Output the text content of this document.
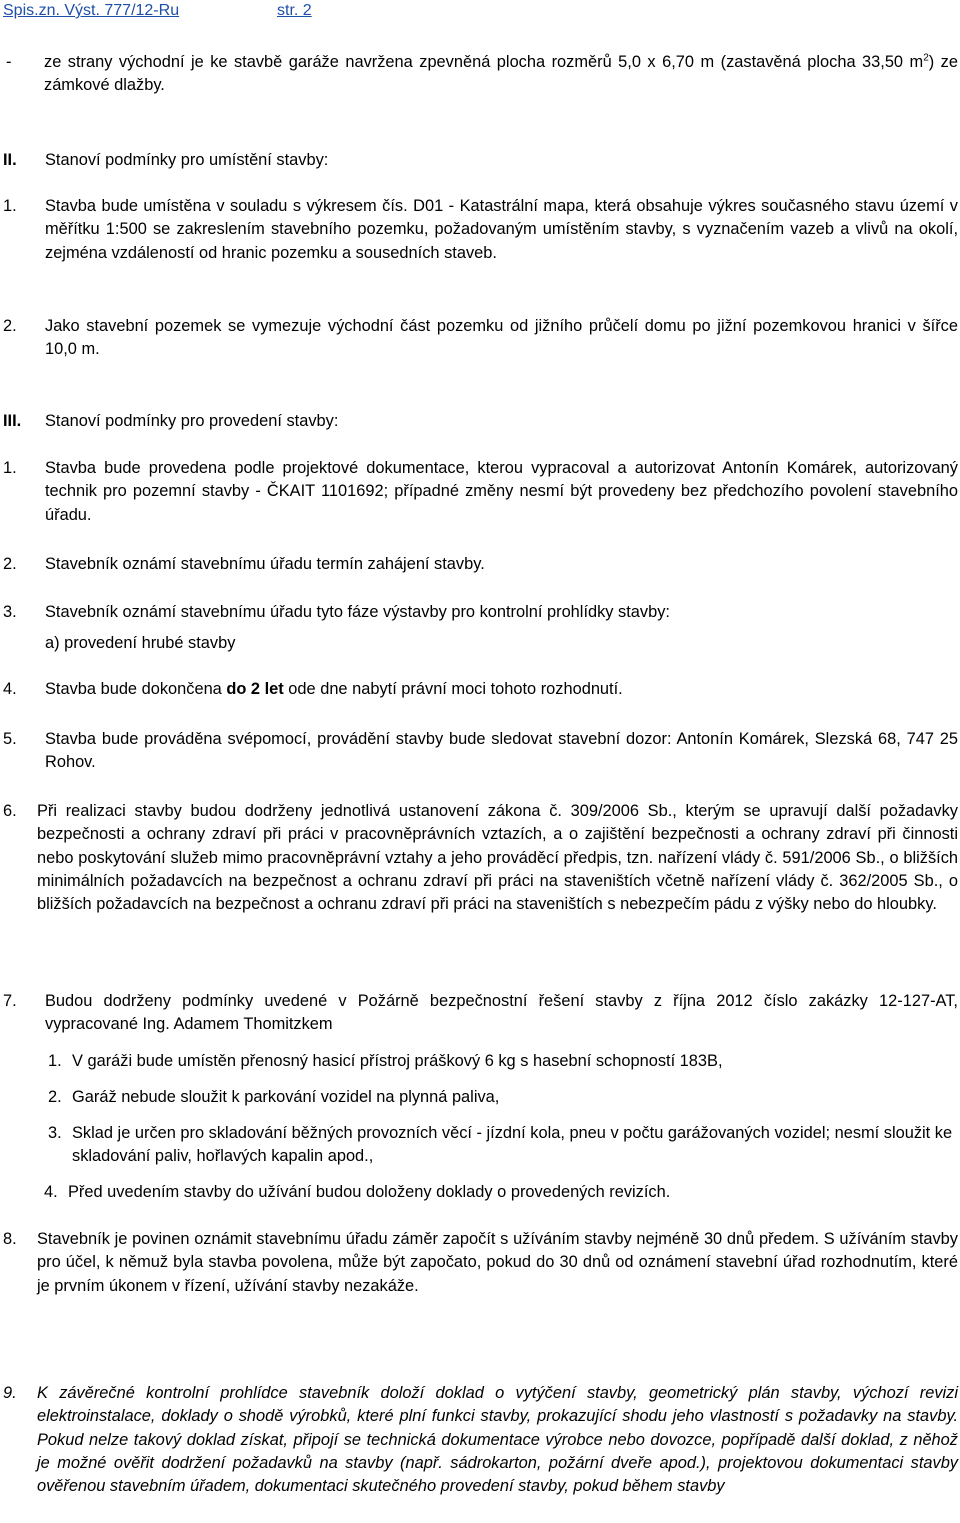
Spis.zn. Výst. 777/12-Ru	str. 2
- ze strany východní je ke stavbě garáže navržena zpevněná plocha rozměrů 5,0 x 6,70 m (zastavěná plocha 33,50 $m^2$) ze zámkové dlažby.
II. Stanoví podmínky pro umístění stavby:
1. Stavba bude umístěna v souladu s výkresem čís. D01 - Katastrální mapa, která obsahuje výkres současného stavu území v měřítku 1:500 se zakreslením stavebního pozemku, požadovaným umístěním stavby, s vyznačením vazeb a vlivů na okolí, zejména vzdáleností od hranic pozemku a sousedních staveb.
2. Jako stavební pozemek se vymezuje východní část pozemku od jižního průčelí domu po jižní pozemkovou hranici v šířce 10,0 m.
III. Stanoví podmínky pro provedení stavby:
1. Stavba bude provedena podle projektové dokumentace, kterou vypracoval a autorizovat Antonín Komárek, autorizovaný technik pro pozemní stavby - ČKAIT 1101692; případné změny nesmí být provedeny bez předchozího povolení stavebního úřadu.
2. Stavebník oznámí stavebnímu úřadu termín zahájení stavby.
3. Stavebník oznámí stavebnímu úřadu tyto fáze výstavby pro kontrolní prohlídky stavby:
a) provedení hrubé stavby
4. Stavba bude dokončena do 2 let ode dne nabytí právní moci tohoto rozhodnutí.
5. Stavba bude prováděna svépomocí, provádění stavby bude sledovat stavební dozor: Antonín Komárek, Slezská 68, 747 25 Rohov.
6. Při realizaci stavby budou dodrženy jednotlivá ustanovení zákona č. 309/2006 Sb., kterým se upravují další požadavky bezpečnosti a ochrany zdraví při práci v pracovněprávních vztazích, a o zajištění bezpečnosti a ochrany zdraví při činnosti nebo poskytování služeb mimo pracovněprávní vztahy a jeho prováděcí předpis, tzn. nařízení vlády č. 591/2006 Sb., o bližších minimálních požadavcích na bezpečnost a ochranu zdraví při práci na staveništích včetně nařízení vlády č. 362/2005 Sb., o bližších požadavcích na bezpečnost a ochranu zdraví při práci na staveništích s nebezpečím pádu z výšky nebo do hloubky.
7. Budou dodrženy podmínky uvedené v Požárně bezpečnostní řešení stavby z října 2012 číslo zakázky 12-127-AT, vypracované Ing. Adamem Thomitzkem
1. V garáži bude umístěn přenosný hasicí přístroj práškový 6 kg s hasební schopností 183B,
2. Garáž nebude sloužit k parkování vozidel na plynná paliva,
3. Sklad je určen pro skladování běžných provozních věcí - jízdní kola, pneu v počtu garážovaných vozidel; nesmí sloužit ke skladování paliv, hořlavých kapalin apod.,
4. Před uvedením stavby do užívání budou doloženy doklady o provedených revizích.
8. Stavebník je povinen oznámit stavebnímu úřadu záměr započít s užíváním stavby nejméně 30 dnů předem. S užíváním stavby pro účel, k němuž byla stavba povolena, může být započato, pokud do 30 dnů od oznámení stavební úřad rozhodnutím, které je prvním úkonem v řízení, užívání stavby nezakáže.
9. K závěrečné kontrolní prohlídce stavebník doloží doklad o vytýčení stavby, geometrický plán stavby, výchozí revizi elektroinstalace, doklady o shodě výrobků, které plní funkci stavby, prokazující shodu jeho vlastností s požadavky na stavby. Pokud nelze takový doklad získat, připojí se technická dokumentace výrobce nebo dovozce, popřípadě další doklad, z něhož je možné ověřit dodržení požadavků na stavby (např. sádrokarton, požární dveře apod.), projektovou dokumentaci stavby ověřenou stavebním úřadem, dokumentaci skutečného provedení stavby, pokud během stavby
